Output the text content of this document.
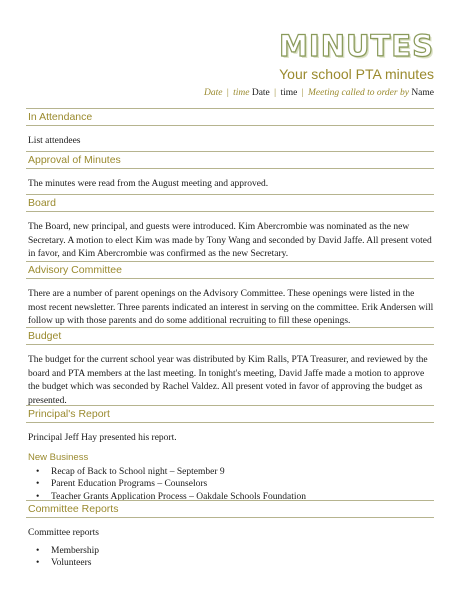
MINUTES
Your school PTA minutes
Date | time Date | time | Meeting called to order by Name
In Attendance
List attendees
Approval of Minutes
The minutes were read from the August meeting and approved.
Board
The Board, new principal, and guests were introduced. Kim Abercrombie was nominated as the new Secretary. A motion to elect Kim was made by Tony Wang and seconded by David Jaffe. All present voted in favor, and Kim Abercrombie was confirmed as the new Secretary.
Advisory Committee
There are a number of parent openings on the Advisory Committee. These openings were listed in the most recent newsletter. Three parents indicated an interest in serving on the committee. Erik Andersen will follow up with those parents and do some additional recruiting to fill these openings.
Budget
The budget for the current school year was distributed by Kim Ralls, PTA Treasurer, and reviewed by the board and PTA members at the last meeting. In tonight's meeting, David Jaffe made a motion to approve the budget which was seconded by Rachel Valdez. All present voted in favor of approving the budget as presented.
Principal's Report
Principal Jeff Hay presented his report.
New Business
• Recap of Back to School night – September 9
• Parent Education Programs – Counselors
• Teacher Grants Application Process – Oakdale Schools Foundation
Committee Reports
Committee reports
• Membership
• Volunteers
